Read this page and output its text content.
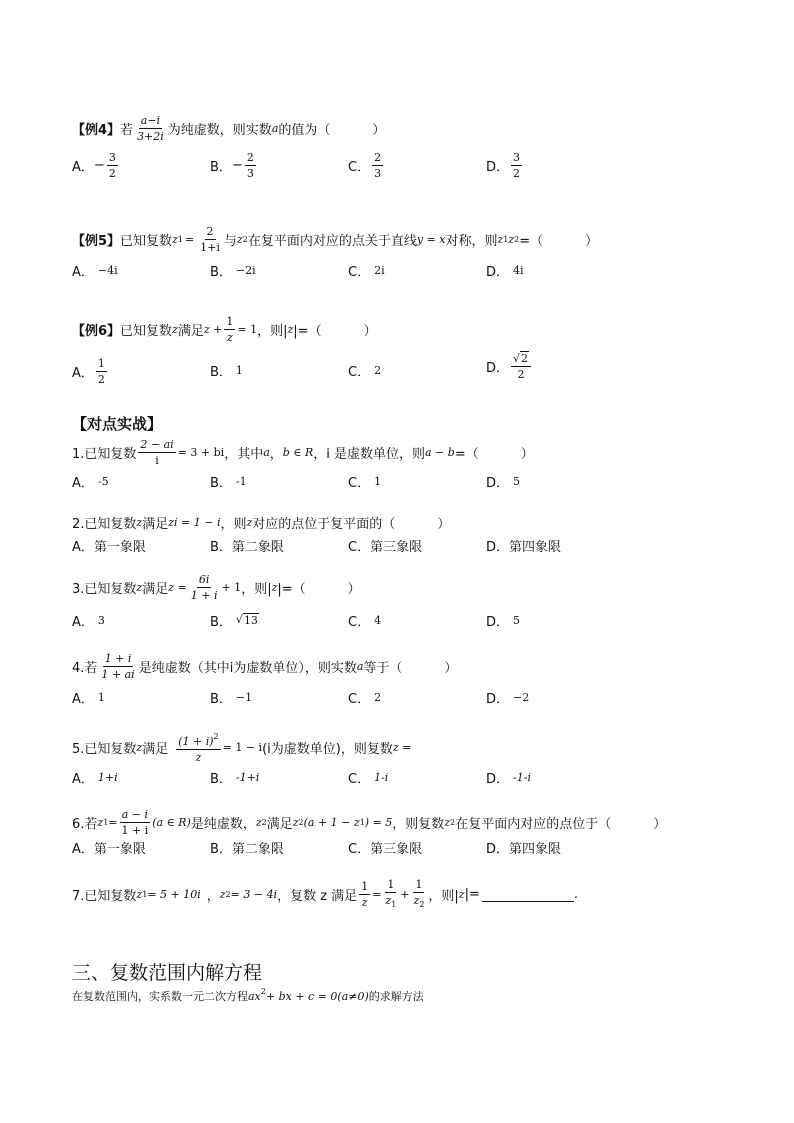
【例4】 若 $\frac{a-i}{3+2i}$ 为纯虚数，则实数 a 的值为（	）
A． − $\frac{3}{2}$	B． − $\frac{2}{3}$	C． $\frac{2}{3}$	D． $\frac{3}{2}$
【例5】 已知复数 z $1 = \frac{2}{1+i}$ 与 z 2 在复平面内对应的点关于直线 y = x 对称，则 z 1 z 2 =（	）
A． −4i	B． −2i	C． 2i	D． 4i
【例6】 已知复数 z 满足 $z + \frac{1}{z} = 1$ ，则| z |=（	）
A． $\frac{1}{2}$	B． 1	C． 2	D． $\frac{√ 2}{2}$
【对点实战】
1.已知复数 $\frac{2 - ai}{i} = 3$ + bi ，其中 a ， b ∈ R ，i 是虚数单位，则 a − b =（	）
A． -5	B． -1	C． 1	D． 5
2.已知复数 z 满足 zi = 1 − i ，则 z 对应的点位于复平面的（	）
A． 第一象限	B． 第二象限	C． 第三象限	D． 第四象限
3.已知复数 z 满足 $z = \frac{6i}{1 + i} + 1$ ，则| z |=（	）
A． 3	B． √ 13	C． 4	D． 5
4.若 $\frac{1 + i}{1 + ai}$ 是纯虚数（其中i为虚数单位），则实数 a 等于（	）
A． 1	B． −1	C． 2	D． −2
5.已知复数 z 满足 $\frac{(1 + i)^2}{z} = 1 - i$ (i为虚数单位)，则复数 z =
A． 1+i	B． -1+i	C． 1-i	D． -1-i
6.若 z $1 = \frac{a - i}{1 + i} (a$ ∈ R) 是纯虚数， z 2 满足 z 2 (a + 1 − z 1 ) = 5 ，则复数 z 2 在复平面内对应的点位于（	）
A． 第一象限	B． 第二象限	C． 第三象限	D． 第四象限
7.已知复数 z 1 = 5 + 10i ， z 2 = 3 − 4i ，复数 z 满足 $\frac{1}{z} = \frac{1}{z_1} + \frac{1}{z_2}$ ，则| z |=	.
三、复数范围内解方程
在复数范围内，实系数一元二次方程$ax^2+$ bx + c = 0(a≠0)的求解方法
